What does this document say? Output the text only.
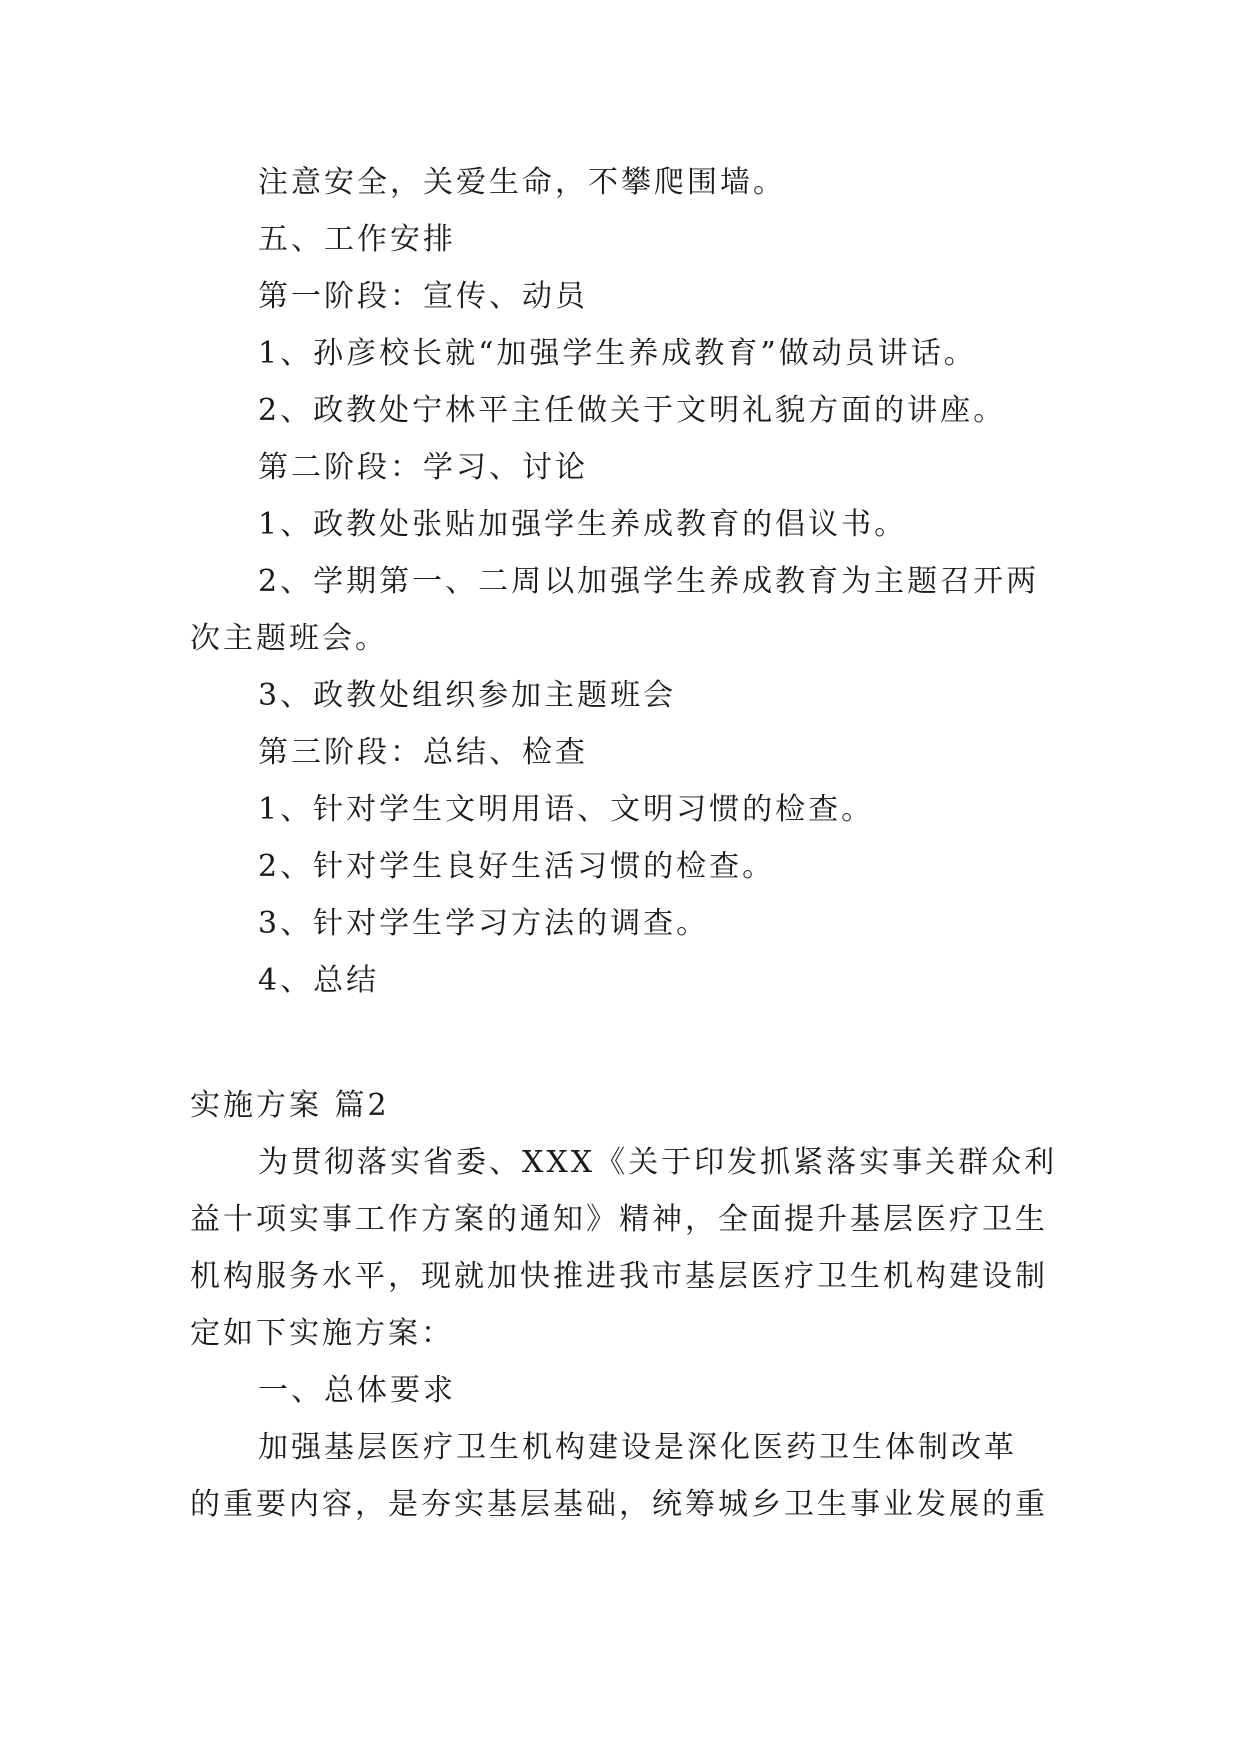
注意安全，关爱生命，不攀爬围墙。
五、工作安排
第一阶段：宣传、动员
1、孙彦校长就“加强学生养成教育”做动员讲话。
2、政教处宁林平主任做关于文明礼貌方面的讲座。
第二阶段：学习、讨论
1、政教处张贴加强学生养成教育的倡议书。
2、学期第一、二周以加强学生养成教育为主题召开两
次主题班会。
3、政教处组织参加主题班会
第三阶段：总结、检查
1、针对学生文明用语、文明习惯的检查。
2、针对学生良好生活习惯的检查。
3、针对学生学习方法的调查。
4、总结
实施方案 篇2
为贯彻落实省委、XXX《关于印发抓紧落实事关群众利
益十项实事工作方案的通知》精神，全面提升基层医疗卫生
机构服务水平，现就加快推进我市基层医疗卫生机构建设制
定如下实施方案：
一、总体要求
加强基层医疗卫生机构建设是深化医药卫生体制改革
的重要内容，是夯实基层基础，统筹城乡卫生事业发展的重
